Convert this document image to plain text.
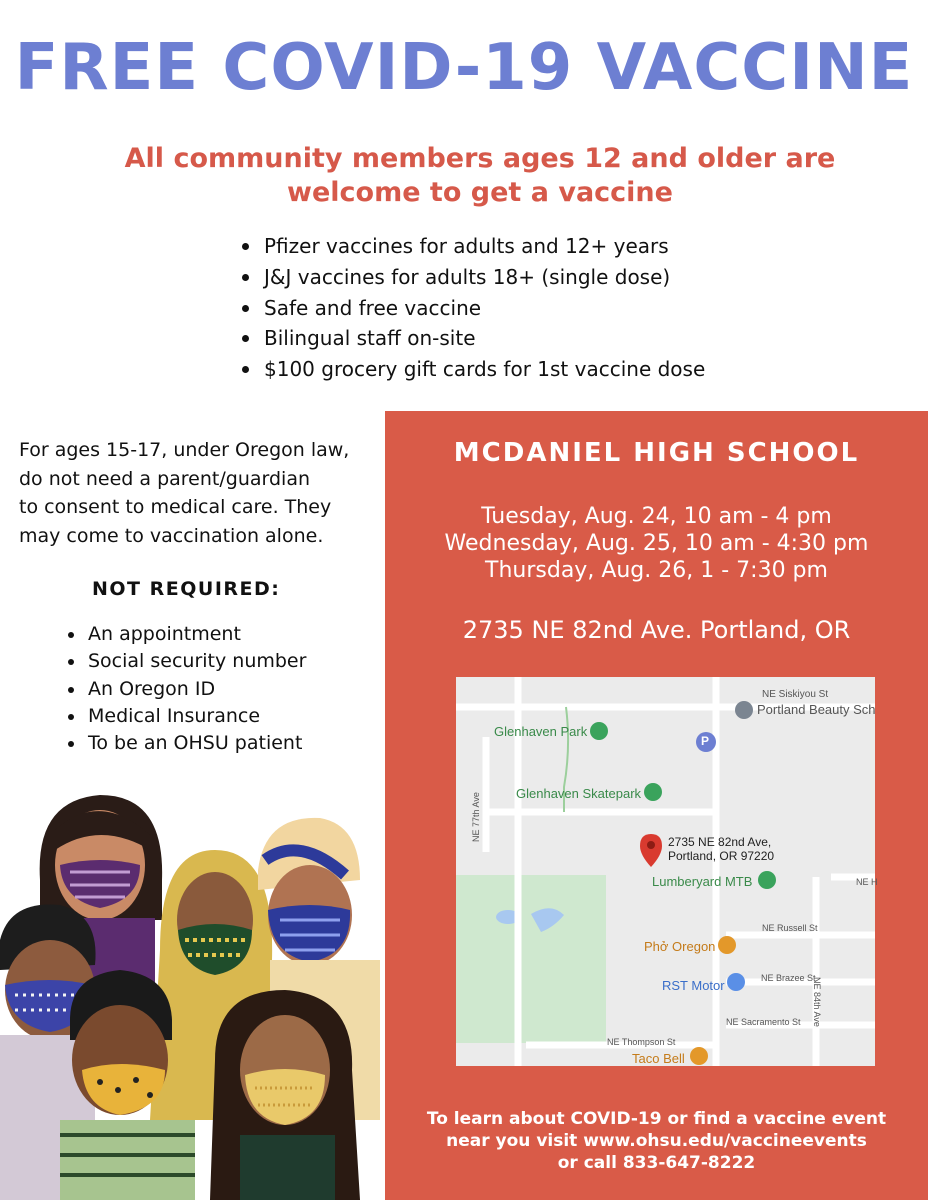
FREE COVID-19 VACCINE
All community members ages 12 and older are
welcome to get a vaccine
Pfizer vaccines for adults and 12+ years
J&J vaccines for adults 18+ (single dose)
Safe and free vaccine
Bilingual staff on-site
$100 grocery gift cards for 1st vaccine dose
For ages 15-17, under Oregon law,
do not need a parent/guardian
to consent to medical care. They
may come to vaccination alone.
NOT REQUIRED:
An appointment
Social security number
An Oregon ID
Medical Insurance
To be an OHSU patient
MCDANIEL HIGH SCHOOL
Tuesday, Aug. 24, 10 am - 4 pm
Wednesday, Aug. 25, 10 am - 4:30 pm
Thursday, Aug. 26, 1 - 7:30 pm
2735 NE 82nd Ave. Portland, OR
NE Siskiyou St
Portland Beauty Sch
Glenhaven Park
P
NE 77th Ave	Glenhaven Skatepark
2735 NE 82nd Ave,
Portland, OR 97220
Lumberyard MTB	NE H
NE Russell St
NE 84th Ave
Phở Oregon
RST Motor	NE Brazee St
NE Sacramento St
NE Thompson St
Taco Bell
To learn about COVID-19 or find a vaccine event
near you visit www.ohsu.edu/vaccineevents
or call 833-647-8222
